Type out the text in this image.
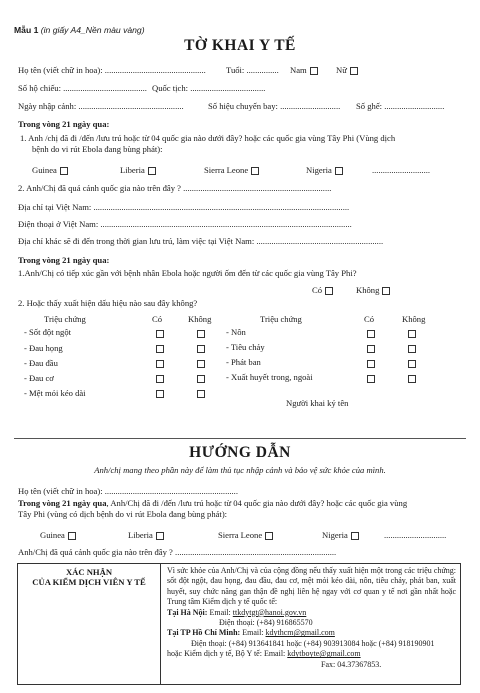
Mẫu 1 (in giấy A4_Nền màu vàng)
TỜ KHAI Y TẾ
Họ tên (viết chữ in hoa): ............................................... Tuổi: ............... Nam	Nữ
Số hộ chiếu: ....................................... Quốc tịch: ...................................
Ngày nhập cảnh: .................................................	Số hiệu chuyến bay: ............................ Số ghế: ............................
Trong vòng 21 ngày qua:
1. Anh /chị đã đi /đến /lưu trú hoặc từ 04 quốc gia nào dưới đây? hoặc các quốc gia vùng Tây Phi (Vùng dịch
bệnh do vi rút Ebola đang bùng phát):
Guinea	Liberia	Sierra Leone	Nigeria	...........................
2. Anh/Chị đã quá cảnh quốc gia nào trên đây ? .....................................................................
Địa chỉ tại Việt Nam: .......................................................................................................................
Điện thoại ở Việt Nam: .....................................................................................................................
Địa chỉ khác sẽ đi đến trong thời gian lưu trú, làm việc tại Việt Nam: ...........................................................
Trong vòng 21 ngày qua:
1.Anh/Chị có tiếp xúc gần với bệnh nhân Ebola hoặc người ốm đến từ các quốc gia vùng Tây Phi?
Có	Không
2. Hoặc thấy xuất hiện dấu hiệu nào sau đây không?
Triệu chứng	Có	Không	Triệu chứng	Có	Không
- Sốt đột ngột
- Đau họng
- Đau đầu
- Đau cơ
- Mệt mỏi kéo dài
- Nôn
- Tiêu chảy
- Phát ban
- Xuất huyết trong, ngoài
Người khai ký tên
HƯỚNG DẪN
Anh/chị mang theo phần này để làm thủ tục nhập cảnh và bảo vệ sức khỏe của mình.
Họ tên (viết chữ in hoa): ..............................................................
Trong vòng 21 ngày qua, Anh/Chị đã đi /đến /lưu trú hoặc từ 04 quốc gia nào dưới đây? hoặc các quốc gia vùng
Tây Phi (vùng có dịch bệnh do vi rút Ebola đang bùng phát):
Guinea	Liberia	Sierra Leone	Nigeria	.............................
Anh/Chị đã quá cảnh quốc gia nào trên đây ? ...........................................................................
XÁC NHẬN
CỦA KIỂM DỊCH VIÊN Y TẾ

Vì sức khỏe của Anh/Chị và của cộng đồng nếu thấy xuất hiện một trong các triệu chứng: sốt đột ngột, đau họng, đau đầu, đau cơ, mệt mỏi kéo dài, nôn, tiêu chảy, phát ban, xuất huyết, suy chức năng gan thận đề nghị liên hệ ngay với cơ quan y tế nơi gần nhất hoặc Trung tâm Kiểm dịch y tế quốc tế:
Tại Hà Nội: Email: ttkdytgt@hanoi.gov.vn
Điện thoại: (+84) 916865570
Tại TP Hồ Chí Minh: Email: kdythcm@gmail.com
Điện thoại: (+84) 913641841 hoặc (+84) 903913084 hoặc (+84) 918190901
hoặc Kiểm dịch y tế, Bộ Y tế: Email: kdytboyte@gmail.com
Fax: 04.37367853.
